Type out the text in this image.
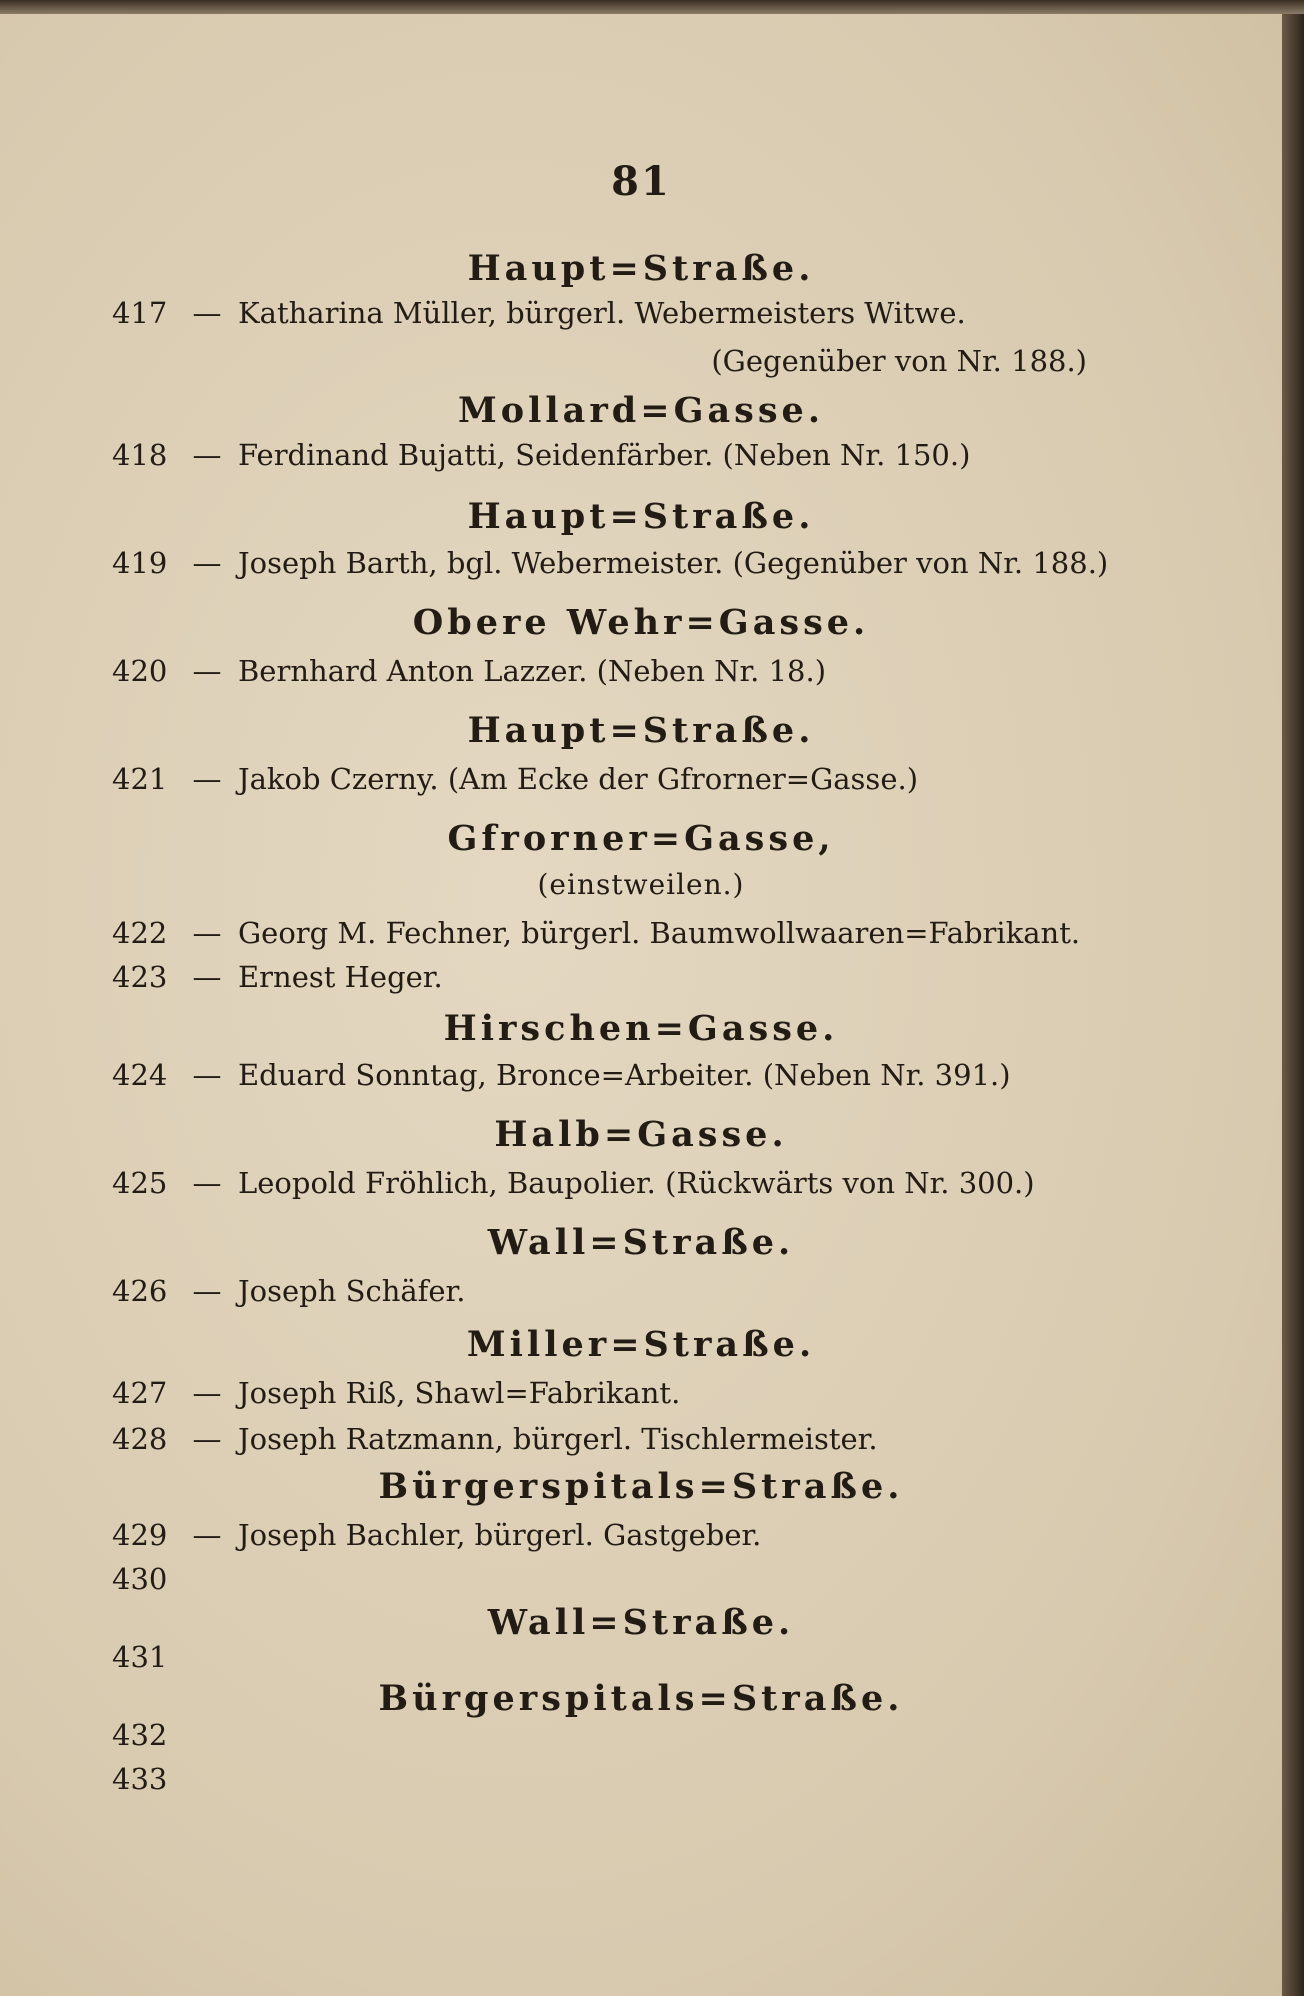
81
Haupt=Straße.
417 — Katharina Müller, bürgerl. Webermeisters Witwe.
(Gegenüber von Nr. 188.)
Mollard=Gasse.
418 — Ferdinand Bujatti, Seidenfärber. (Neben Nr. 150.)
Haupt=Straße.
419 — Joseph Barth, bgl. Webermeister. (Gegenüber von Nr. 188.)
Obere Wehr=Gasse.
420 — Bernhard Anton Lazzer. (Neben Nr. 18.)
Haupt=Straße.
421 — Jakob Czerny. (Am Ecke der Gfrorner=Gasse.)
Gfrorner=Gasse,
(einstweilen.)
422 — Georg M. Fechner, bürgerl. Baumwollwaaren=Fabrikant.
423 — Ernest Heger.
Hirschen=Gasse.
424 — Eduard Sonntag, Bronce=Arbeiter. (Neben Nr. 391.)
Halb=Gasse.
425 — Leopold Fröhlich, Baupolier. (Rückwärts von Nr. 300.)
Wall=Straße.
426 — Joseph Schäfer.
Miller=Straße.
427 — Joseph Riß, Shawl=Fabrikant.
428 — Joseph Ratzmann, bürgerl. Tischlermeister.
Bürgerspitals=Straße.
429 — Joseph Bachler, bürgerl. Gastgeber.
430
Wall=Straße.
431
Bürgerspitals=Straße.
432
433
